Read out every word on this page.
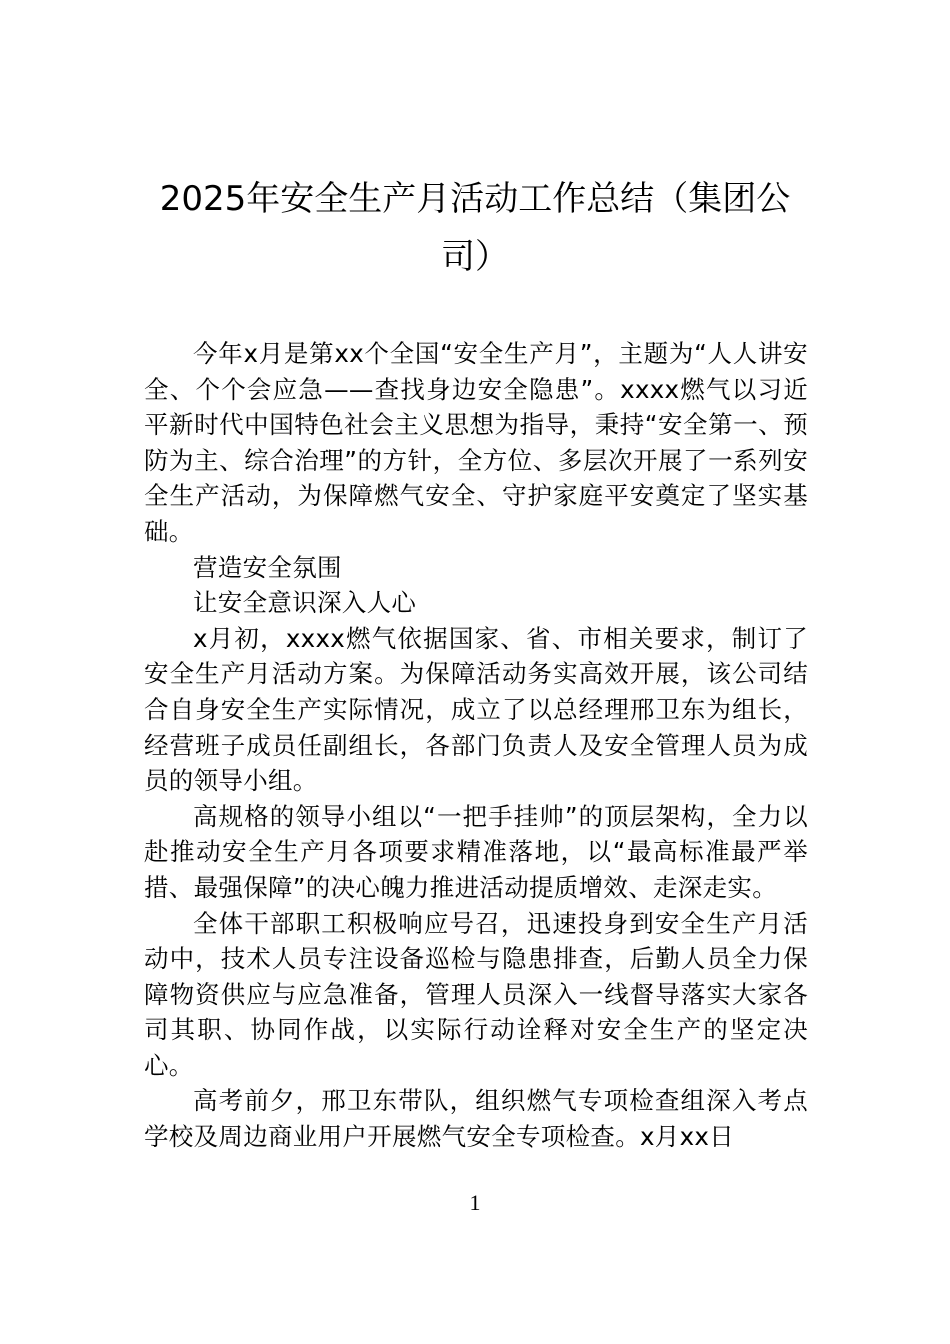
2025年安全生产月活动工作总结（集团公司）

今年x月是第xx个全国“安全生产月”，主题为“人人讲安全、个个会应急——查找身边安全隐患”。xxxx燃气以习近平新时代中国特色社会主义思想为指导，秉持“安全第一、预防为主、综合治理”的方针，全方位、多层次开展了一系列安全生产活动，为保障燃气安全、守护家庭平安奠定了坚实基础。

营造安全氛围

让安全意识深入人心

x月初，xxxx燃气依据国家、省、市相关要求，制订了安全生产月活动方案。为保障活动务实高效开展，该公司结合自身安全生产实际情况，成立了以总经理邢卫东为组长，经营班子成员任副组长，各部门负责人及安全管理人员为成员的领导小组。

高规格的领导小组以“一把手挂帅”的顶层架构，全力以赴推动安全生产月各项要求精准落地，以“最高标准最严举措、最强保障”的决心魄力推进活动提质增效、走深走实。

全体干部职工积极响应号召，迅速投身到安全生产月活动中，技术人员专注设备巡检与隐患排查，后勤人员全力保障物资供应与应急准备，管理人员深入一线督导落实大家各司其职、协同作战，以实际行动诠释对安全生产的坚定决心。

高考前夕，邢卫东带队，组织燃气专项检查组深入考点学校及周边商业用户开展燃气安全专项检查。x月xx日

1
